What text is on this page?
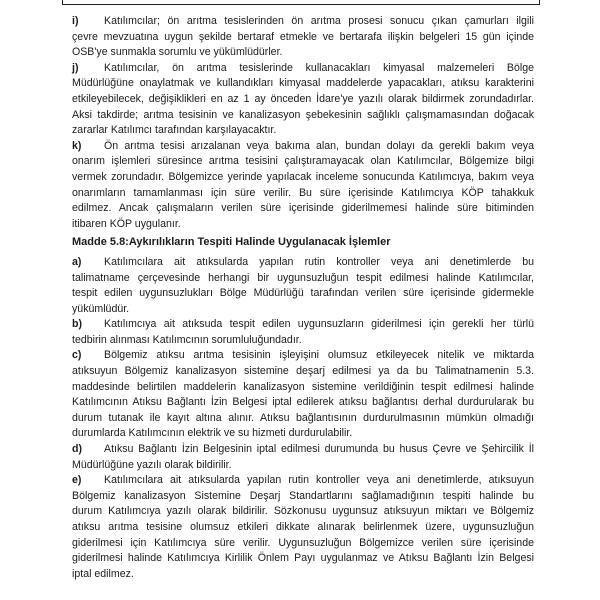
i) Katılımcılar; ön arıtma tesislerinden ön arıtma prosesi sonucu çıkan çamurları ilgili
çevre mevzuatına uygun şekilde bertaraf etmekle ve bertarafa ilişkin belgeleri 15 gün içinde
OSB'ye sunmakla sorumlu ve yükümlüdürler.
j) Katılımcılar, ön arıtma tesislerinde kullanacakları kimyasal malzemeleri Bölge
Müdürlüğüne onaylatmak ve kullandıkları kimyasal maddelerde yapacakları, atıksu karakterini
etkileyebilecek, değişiklikleri en az 1 ay önceden İdare'ye yazılı olarak bildirmek zorundadırlar.
Aksi takdirde; arıtma tesisinin ve kanalizasyon şebekesinin sağlıklı çalışmamasından doğacak
zararlar Katılımcı tarafından karşılayacaktır.
k) Ön arıtma tesisi arızalanan veya bakıma alan, bundan dolayı da gerekli bakım veya
onarım işlemleri süresince arıtma tesisini çalıştıramayacak olan Katılımcılar, Bölgemize bilgi
vermek zorundadır. Bölgemizce yerinde yapılacak inceleme sonucunda Katılımcıya, bakım veya
onarımların tamamlanması için süre verilir. Bu süre içerisinde Katılımcıya KÖP tahakkuk
edilmez. Ancak çalışmaların verilen süre içerisinde giderilmemesi halinde süre bitiminden
itibaren KÖP uygulanır.
Madde 5.8:Aykırılıkların Tespiti Halinde Uygulanacak İşlemler
a) Katılımcılara ait atıksularda yapılan rutin kontroller veya ani denetimlerde bu
talimatname çerçevesinde herhangi bir uygunsuzluğun tespit edilmesi halinde Katılımcılar,
tespit edilen uygunsuzlukları Bölge Müdürlüğü tarafından verilen süre içerisinde gidermekle
yükümlüdür.
b) Katılımcıya ait atıksuda tespit edilen uygunsuzların giderilmesi için gerekli her türlü
tedbirin alınması Katılımcının sorumluluğundadır.
c) Bölgemiz atıksu arıtma tesisinin işleyişini olumsuz etkileyecek nitelik ve miktarda
atıksuyun Bölgemiz kanalizasyon sistemine deşarj edilmesi ya da bu Talimatnamenin 5.3.
maddesinde belirtilen maddelerin kanalizasyon sistemine verildiğinin tespit edilmesi halinde
Katılımcının Atıksu Bağlantı İzin Belgesi iptal edilerek atıksu bağlantısı derhal durdurularak bu
durum tutanak ile kayıt altına alınır. Atıksu bağlantısının durdurulmasının mümkün olmadığı
durumlarda Katılımcının elektrik ve su hizmeti durdurulabilir.
d) Atıksu Bağlantı İzin Belgesinin iptal edilmesi durumunda bu husus Çevre ve Şehircilik İl
Müdürlüğüne yazılı olarak bildirilir.
e) Katılımcılara ait atıksularda yapılan rutin kontroller veya ani denetimlerde, atıksuyun
Bölgemiz kanalizasyon Sistemine Deşarj Standartlarını sağlamadığının tespiti halinde bu
durum Katılımcıya yazılı olarak bildirilir. Sözkonusu uygunsuz atıksuyun miktarı ve Bölgemiz
atıksu arıtma tesisine olumsuz etkileri dikkate alınarak belirlenmek üzere, uygunsuzluğun
giderilmesi için Katılımcıya süre verilir. Uygunsuzluğun Bölgemizce verilen süre içerisinde
giderilmesi halinde Katılımcıya Kirlilik Önlem Payı uygulanmaz ve Atıksu Bağlantı İzin Belgesi
iptal edilmez.
